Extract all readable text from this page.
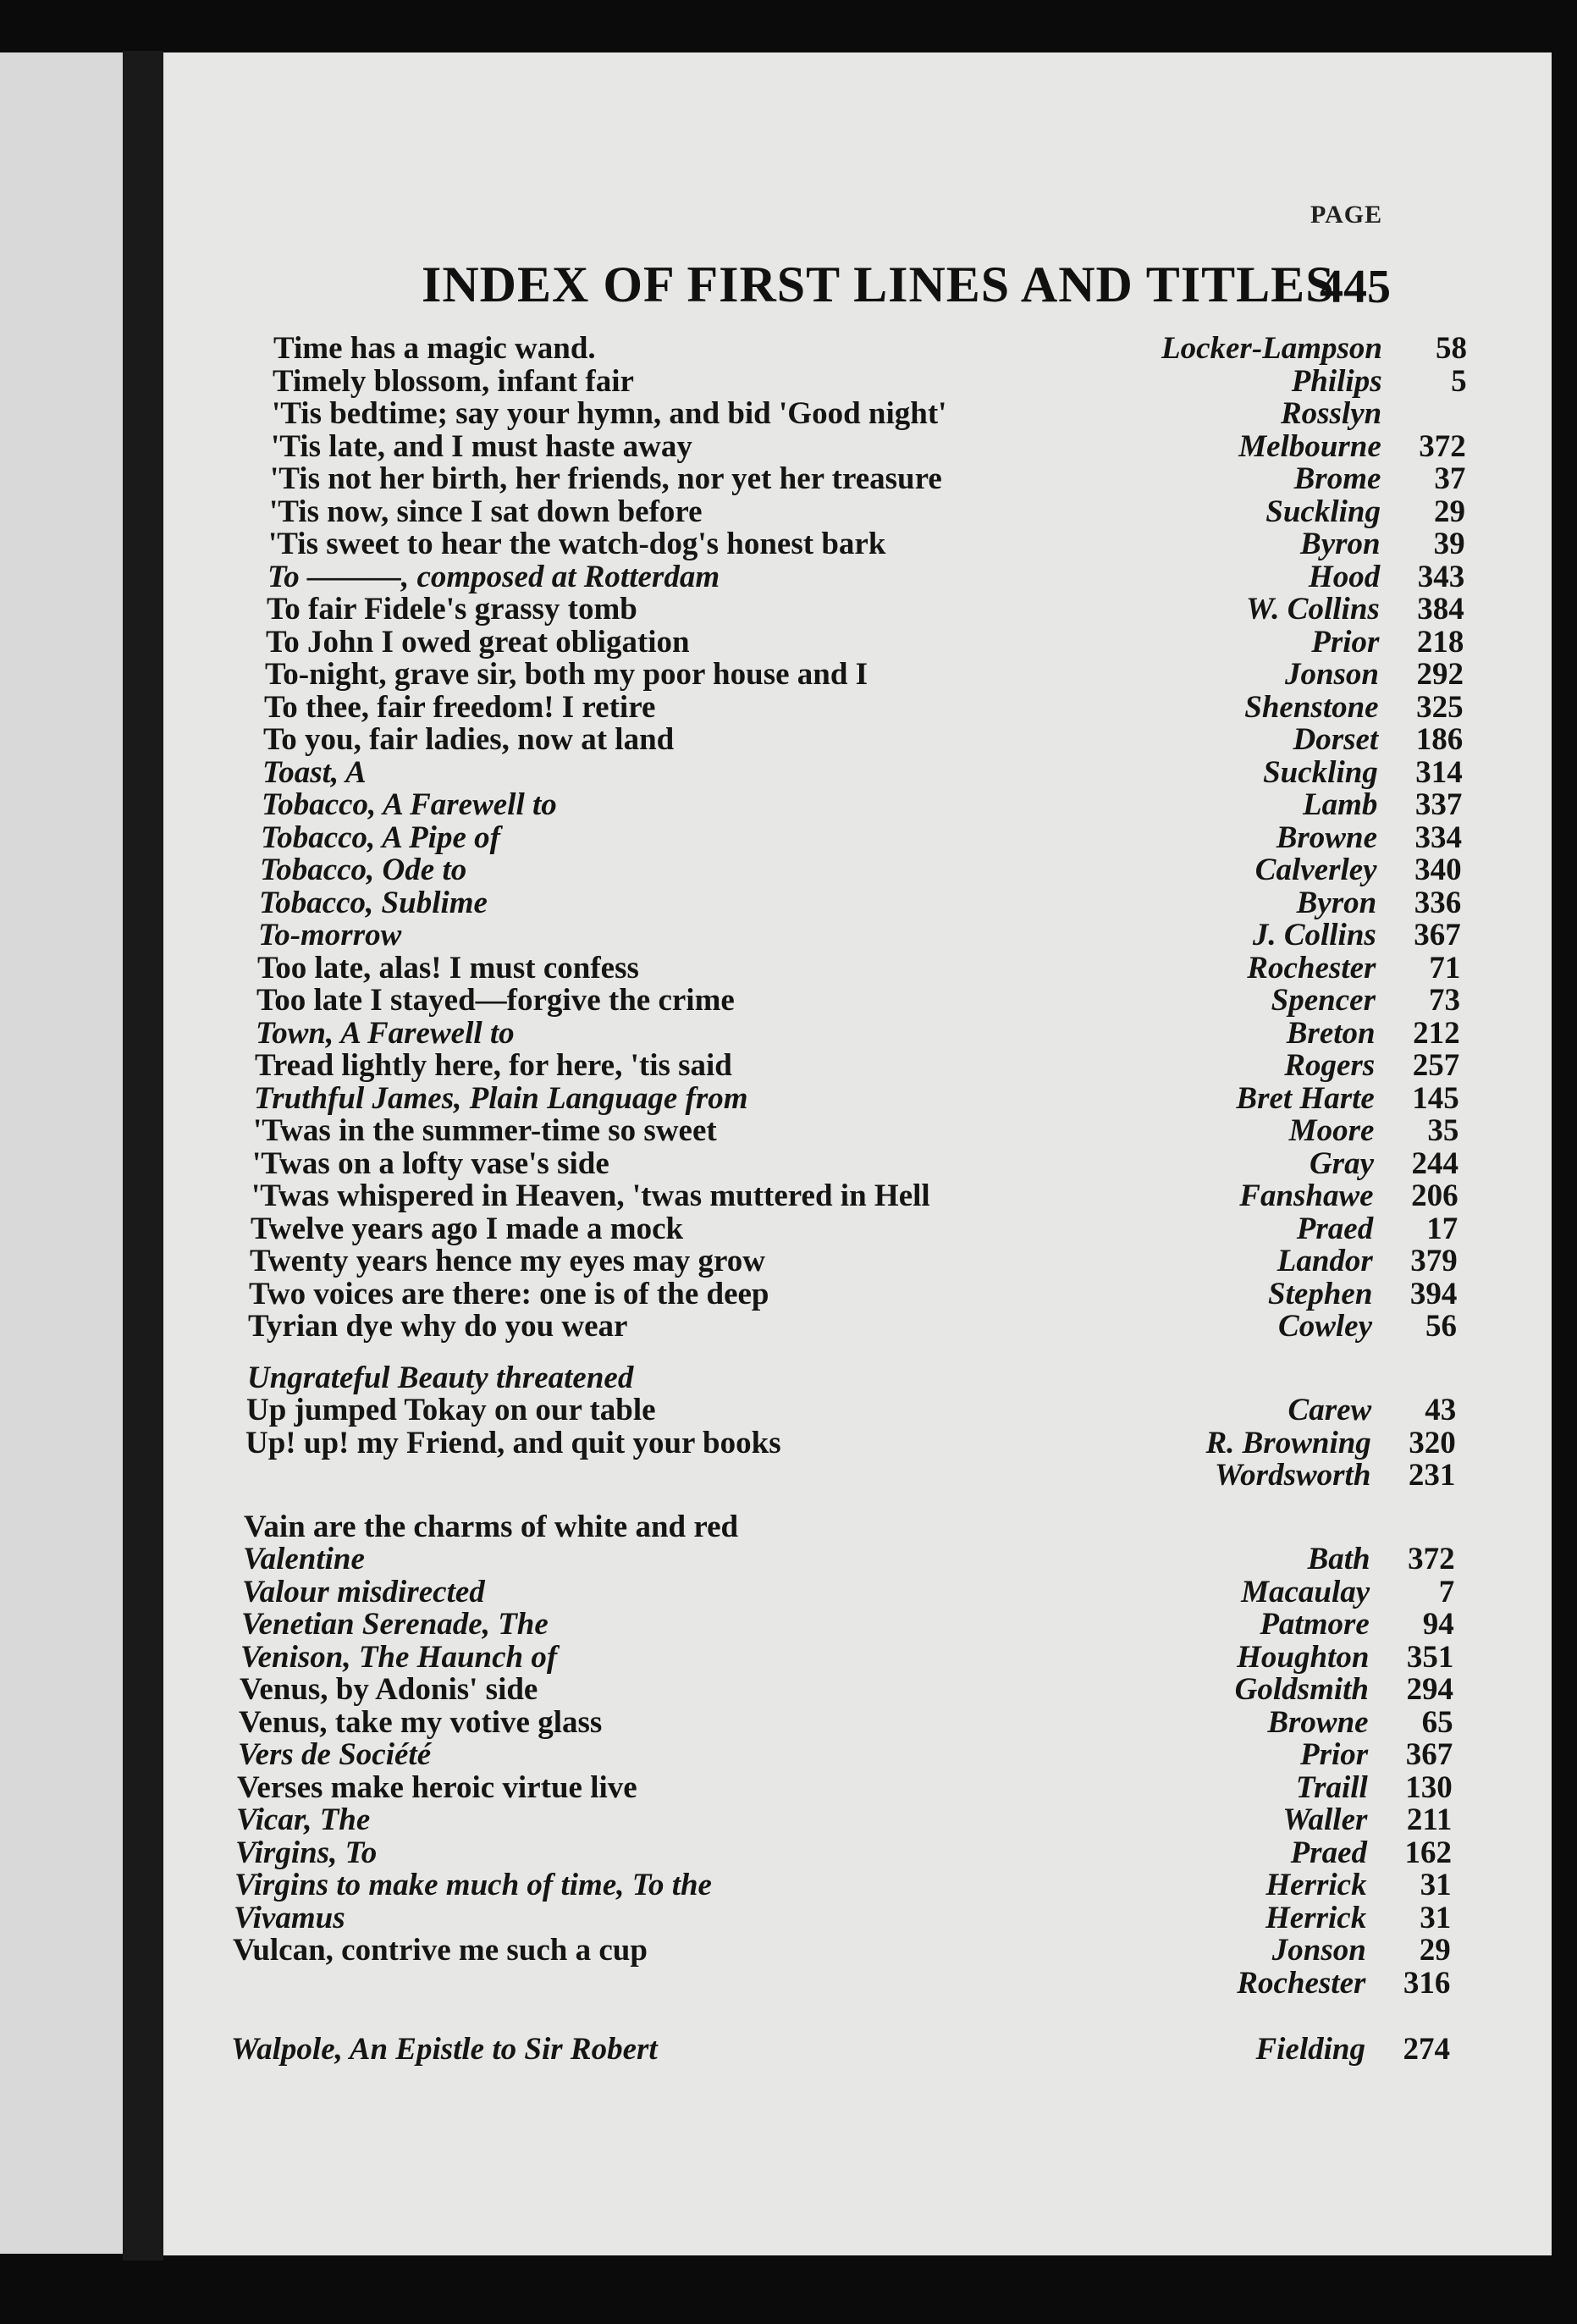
INDEX OF FIRST LINES AND TITLES
445
PAGE
Time has a magic wand.	Locker-Lampson	58
Timely blossom, infant fair	Philips	5
'Tis bedtime; say your hymn, and bid 'Good night'	Rosslyn
'Tis late, and I must haste away	Melbourne	372
'Tis not her birth, her friends, nor yet her treasure	Brome	37
'Tis now, since I sat down before	Suckling	29
'Tis sweet to hear the watch-dog's honest bark	Byron	39
To ———, composed at Rotterdam	Hood	343
To fair Fidele's grassy tomb	W. Collins	384
To John I owed great obligation	Prior	218
To-night, grave sir, both my poor house and I	Jonson	292
To thee, fair freedom! I retire	Shenstone	325
To you, fair ladies, now at land	Dorset	186
Toast, A	Suckling	314
Tobacco, A Farewell to	Lamb	337
Tobacco, A Pipe of	Browne	334
Tobacco, Ode to	Calverley	340
Tobacco, Sublime	Byron	336
To-morrow	J. Collins	367
Too late, alas! I must confess	Rochester	71
Too late I stayed—forgive the crime	Spencer	73
Town, A Farewell to	Breton	212
Tread lightly here, for here, 'tis said	Rogers	257
Truthful James, Plain Language from	Bret Harte	145
'Twas in the summer-time so sweet	Moore	35
'Twas on a lofty vase's side	Gray	244
'Twas whispered in Heaven, 'twas muttered in Hell	Fanshawe	206
Twelve years ago I made a mock	Praed	17
Twenty years hence my eyes may grow	Landor	379
Two voices are there: one is of the deep	Stephen	394
Tyrian dye why do you wear	Cowley	56
Ungrateful Beauty threatened
Up jumped Tokay on our table	Carew	43
Up! up! my Friend, and quit your books	R. Browning	320
Wordsworth	231
Vain are the charms of white and red
Valentine	Bath	372
Valour misdirected	Macaulay	7
Venetian Serenade, The	Patmore	94
Venison, The Haunch of	Houghton	351
Venus, by Adonis' side	Goldsmith	294
Venus, take my votive glass	Browne	65
Vers de Société	Prior	367
Verses make heroic virtue live	Traill	130
Vicar, The	Waller	211
Virgins, To	Praed	162
Virgins to make much of time, To the	Herrick	31
Vivamus	Herrick	31
Vulcan, contrive me such a cup	Jonson	29
Rochester	316
Walpole, An Epistle to Sir Robert	Fielding	274
